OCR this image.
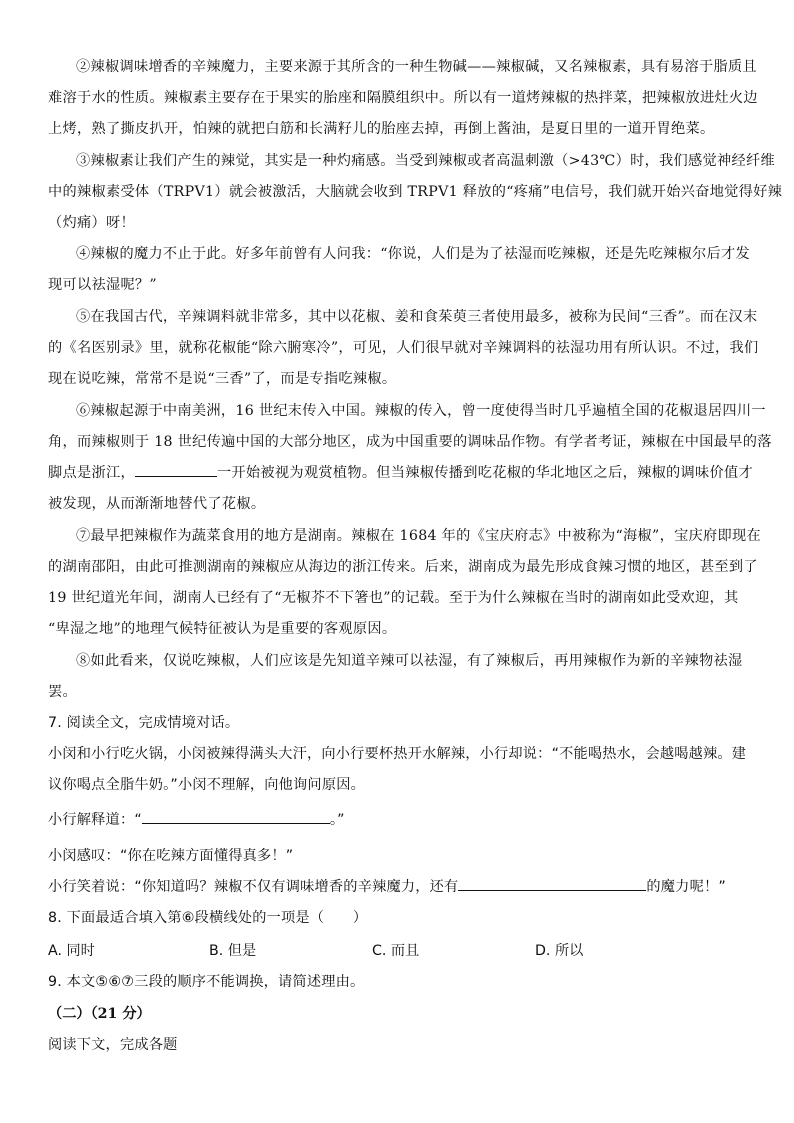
②辣椒调味增香的辛辣魔力，主要来源于其所含的一种生物碱——辣椒碱，又名辣椒素，具有易溶于脂质且
难溶于水的性质。辣椒素主要存在于果实的胎座和隔膜组织中。所以有一道烤辣椒的热拌菜，把辣椒放进灶火边
上烤，熟了撕皮扒开，怕辣的就把白筋和长满籽儿的胎座去掉，再倒上酱油，是夏日里的一道开胃绝菜。
③辣椒素让我们产生的辣觉，其实是一种灼痛感。当受到辣椒或者高温刺激（>43℃）时，我们感觉神经纤维
中的辣椒素受体（TRPV1）就会被激活，大脑就会收到 TRPV1 释放的“疼痛”电信号，我们就开始兴奋地觉得好辣
（灼痛）呀！
④辣椒的魔力不止于此。好多年前曾有人问我：“你说，人们是为了祛湿而吃辣椒，还是先吃辣椒尔后才发
现可以祛湿呢？”
⑤在我国古代，辛辣调料就非常多，其中以花椒、姜和食茱萸三者使用最多，被称为民间“三香”。而在汉末
的《名医别录》里，就称花椒能“除六腑寒冷”，可见，人们很早就对辛辣调料的祛湿功用有所认识。不过，我们
现在说吃辣，常常不是说“三香”了，而是专指吃辣椒。
⑥辣椒起源于中南美洲，16 世纪末传入中国。辣椒的传入，曾一度使得当时几乎遍植全国的花椒退居四川一
角，而辣椒则于 18 世纪传遍中国的大部分地区，成为中国重要的调味品作物。有学者考证，辣椒在中国最早的落
脚点是浙江，	一开始被视为观赏植物。但当辣椒传播到吃花椒的华北地区之后，辣椒的调味价值才
被发现，从而渐渐地替代了花椒。
⑦最早把辣椒作为蔬菜食用的地方是湖南。辣椒在 1684 年的《宝庆府志》中被称为“海椒”，宝庆府即现在
的湖南邵阳，由此可推测湖南的辣椒应从海边的浙江传来。后来，湖南成为最先形成食辣习惯的地区，甚至到了
19 世纪道光年间，湖南人已经有了“无椒芥不下箸也”的记载。至于为什么辣椒在当时的湖南如此受欢迎，其
“卑湿之地”的地理气候特征被认为是重要的客观原因。
⑧如此看来，仅说吃辣椒，人们应该是先知道辛辣可以祛湿，有了辣椒后，再用辣椒作为新的辛辣物祛湿
罢。
7. 阅读全文，完成情境对话。
小闵和小行吃火锅，小闵被辣得满头大汗，向小行要杯热开水解辣，小行却说：“不能喝热水，会越喝越辣。建
议你喝点全脂牛奶。”小闵不理解，向他询问原因。
小行解释道：“	。”
小闵感叹：“你在吃辣方面懂得真多！”
小行笑着说：“你知道吗？辣椒不仅有调味增香的辛辣魔力，还有	的魔力呢！”
8. 下面最适合填入第⑥段横线处的一项是（　　）
A. 同时	B. 但是	C. 而且	D. 所以
9. 本文⑤⑥⑦三段的顺序不能调换，请简述理由。
（二）（21 分）
阅读下文，完成各题
